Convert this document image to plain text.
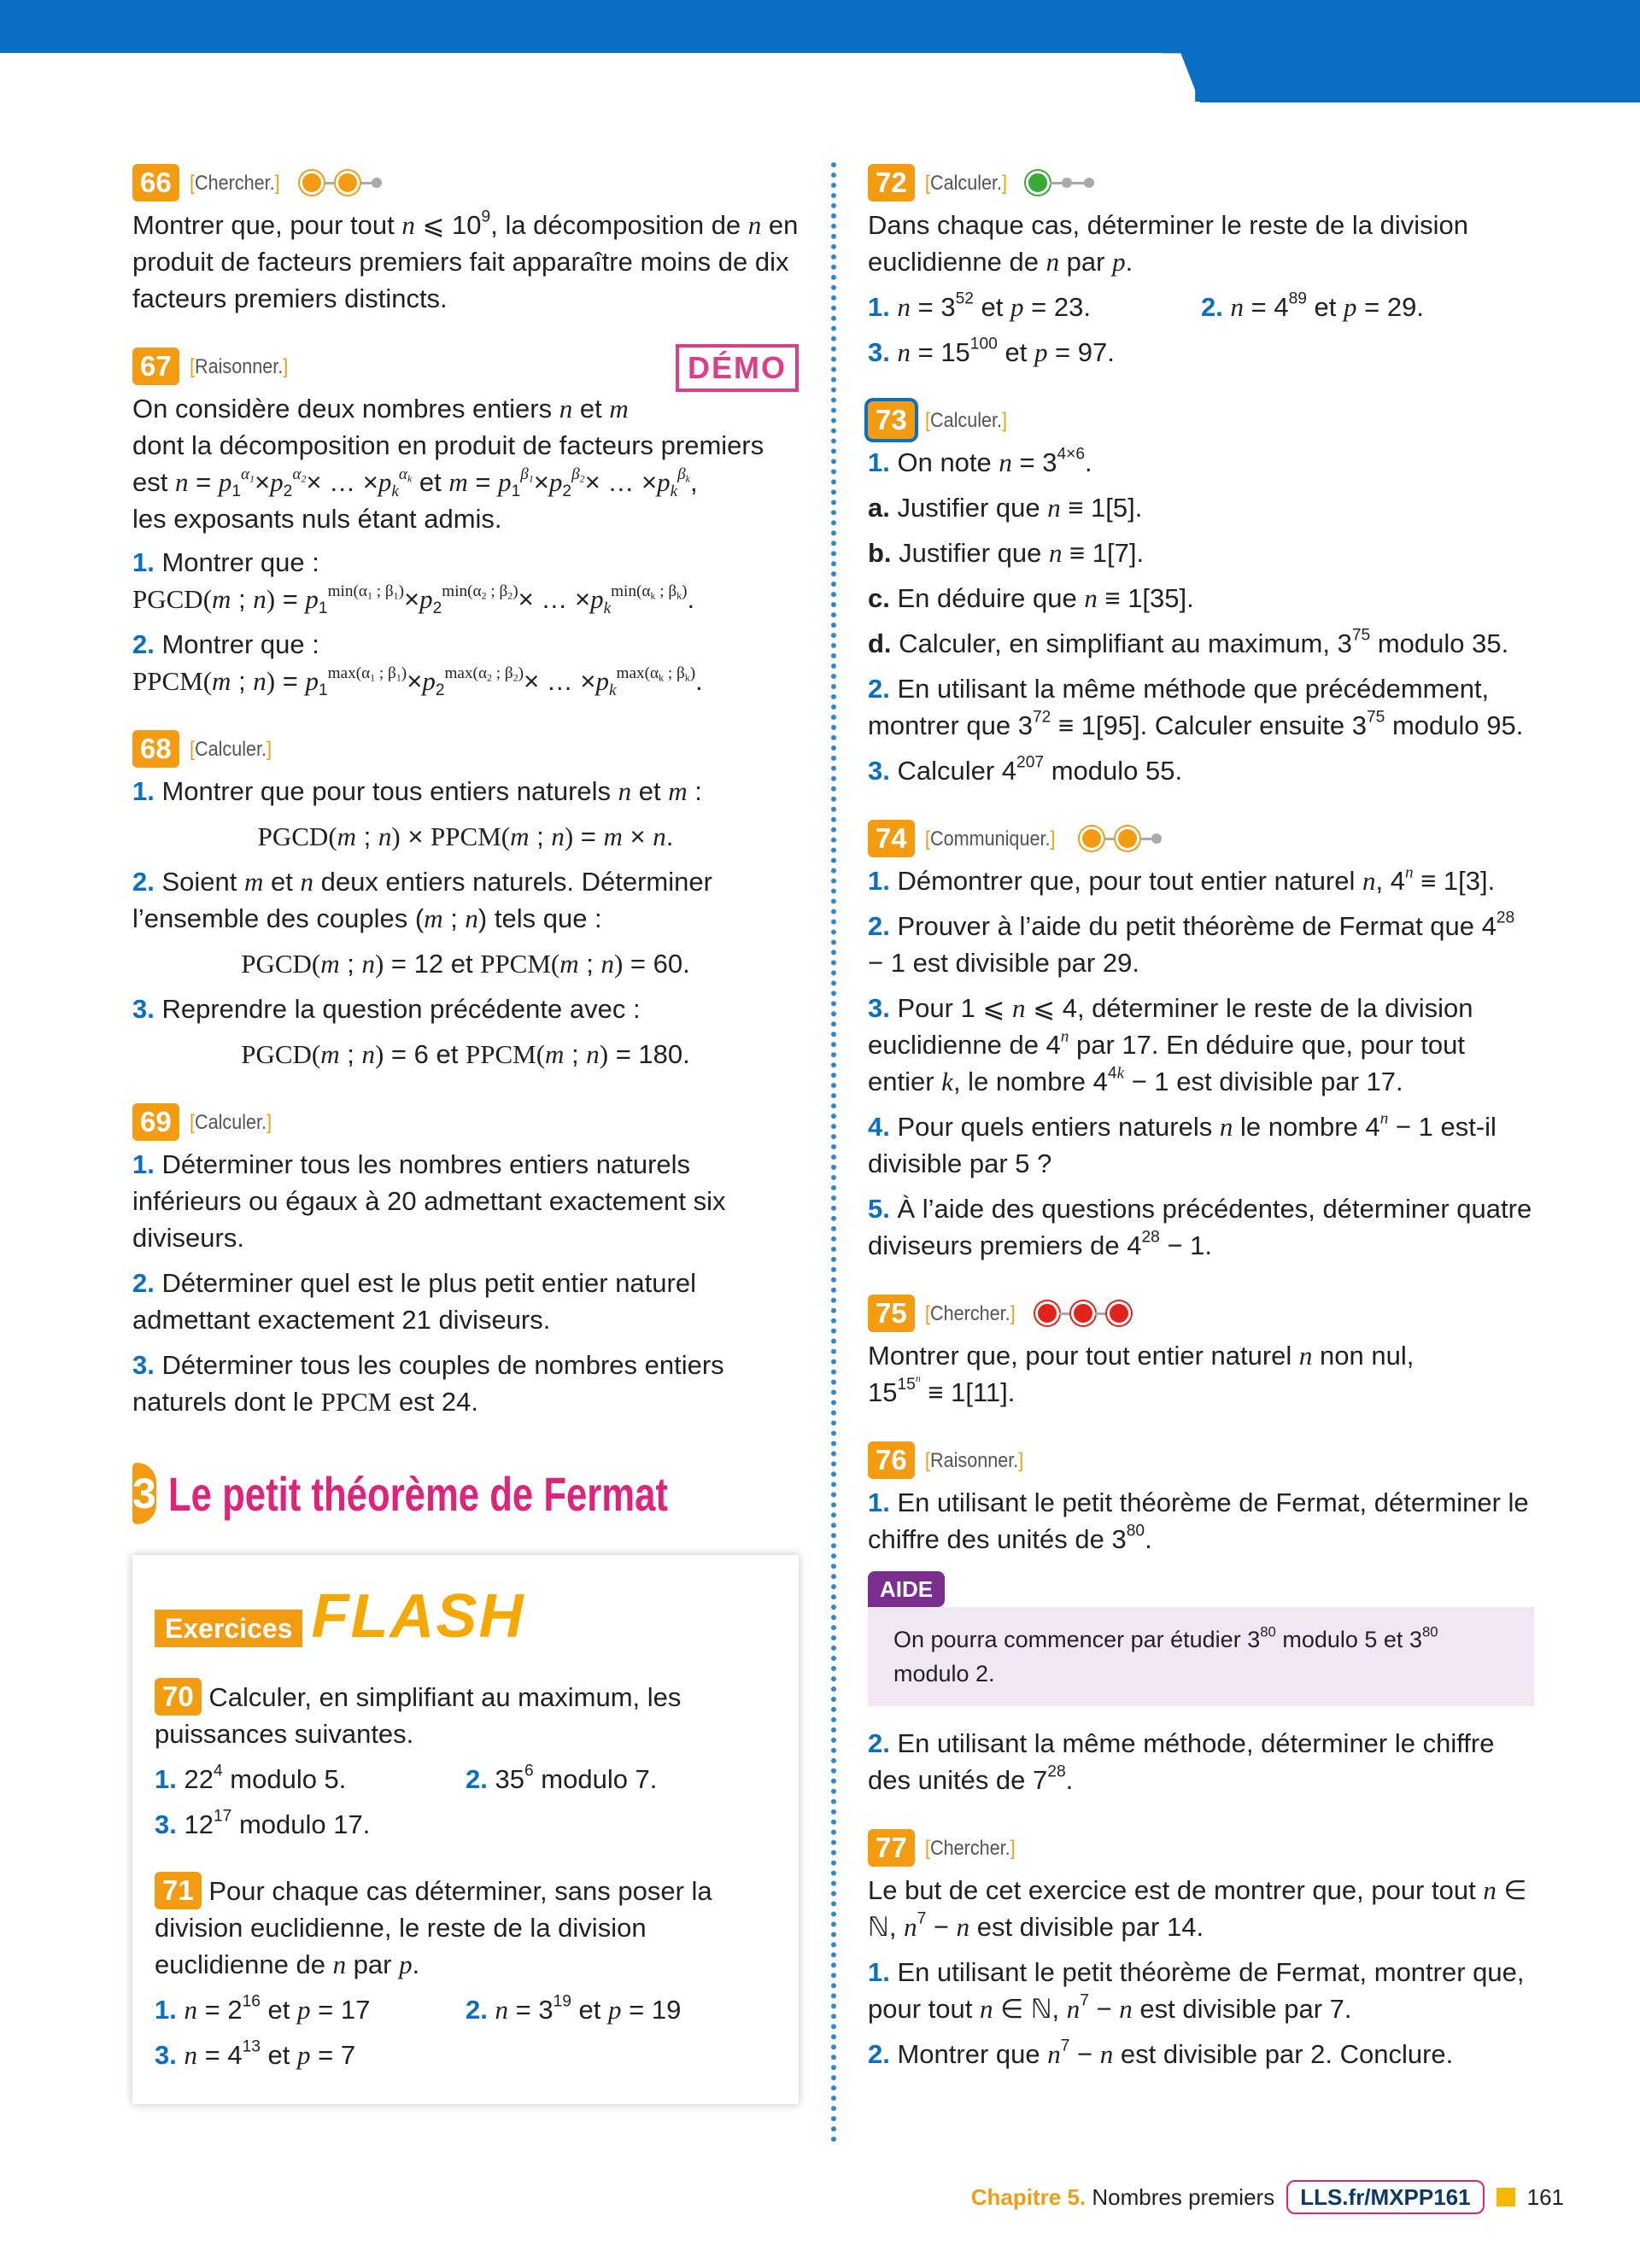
ENTRAÎNEMENT
66 [Chercher.]

Montrer que, pour tout n ⩽ $10^9$, la décomposition de n en produit de facteurs premiers fait apparaître moins de dix facteurs premiers distincts.

67 [Raisonner.]	DÉMO

On considère deux nombres entiers n et m
dont la décomposition en produit de facteurs premiers
est $n = p_1^{\alpha_1}\times p_2^{\alpha_2}\times$ … $\times p_k^{\alpha_k}$ et $m = p_1^{\beta_1}\times p_2^{\beta_2}\times$ … $\times p_k^{\beta_k}$,
les exposants nuls étant admis.

1. Montrer que :
PGCD(m ; $n) = p_1^{min(\alpha_1 ; \beta_1)}\times p_2^{min(\alpha_2 ; \beta_2)}\times$ … $\times p_k^{min(\alpha_k ; \beta_k)}$.

2. Montrer que :
PPCM(m ; $n) = p_1^{max(\alpha_1 ; \beta_1)}\times p_2^{max(\alpha_2 ; \beta_2)}\times$ … $\times p_k^{max(\alpha_k ; \beta_k)}$.

68 [Calculer.]

1. Montrer que pour tous entiers naturels n et m :

PGCD(m ; n) × PPCM(m ; n) = m × n.

2. Soient m et n deux entiers naturels. Déterminer l’ensemble des couples (m ; n) tels que :

PGCD(m ; n) = 12 et PPCM(m ; n) = 60.

3. Reprendre la question précédente avec :

PGCD(m ; n) = 6 et PPCM(m ; n) = 180.

69 [Calculer.]

1. Déterminer tous les nombres entiers naturels inférieurs ou égaux à 20 admettant exactement six diviseurs.

2. Déterminer quel est le plus petit entier naturel admettant exactement 21 diviseurs.

3. Déterminer tous les couples de nombres entiers naturels dont le PPCM est 24.

3 Le petit théorème de Fermat
Exercices FLASH

70 Calculer, en simplifiant au maximum, les puissances suivantes.

1. $22^4$ modulo 5.	2. $35^6$ modulo 7.

3. $12^{17}$ modulo 17.

71 Pour chaque cas déterminer, sans poser la division euclidienne, le reste de la division euclidienne de n par p.

1. $n = 2^{16}$ et p = 17	2. $n = 3^{19}$ et p = 19

3. $n = 4^{13}$ et p = 7

72 [Calculer.]

Dans chaque cas, déterminer le reste de la division euclidienne de n par p.

1. $n = 3^{52}$ et p = 23.	2. $n = 4^{89}$ et p = 29.

3. $n = 15^{100}$ et p = 97.

73 [Calculer.]

1. On note $n = 3^{4\times 6}$.

a. Justifier que n ≡ 1[5].

b. Justifier que n ≡ 1[7].

c. En déduire que n ≡ 1[35].

d. Calculer, en simplifiant au maximum, $3^{75}$ modulo 35.

2. En utilisant la même méthode que précédemment, montrer que $3^{72} \equiv 1[95]$. Calculer ensuite $3^{75}$ modulo 95.

3. Calculer $4^{207}$ modulo 55.

74 [Communiquer.]

1. Démontrer que, pour tout entier naturel n, $4^n \equiv 1[3]$.

2. Prouver à l’aide du petit théorème de Fermat que $4^{28} - 1$ est divisible par 29.

3. Pour 1 ⩽ n ⩽ 4, déterminer le reste de la division euclidienne de 4$^n$ par 17. En déduire que, pour tout entier k, le nombre $4^{4k} - 1$ est divisible par 17.

4. Pour quels entiers naturels n le nombre $4^n - 1$ est-il divisible par 5 ?

5. À l’aide des questions précédentes, déterminer quatre diviseurs premiers de $4^{28} - 1$.

75 [Chercher.]

Montrer que, pour tout entier naturel n non nul,
$15^{15^n} \equiv 1[11]$.

76 [Raisonner.]

1. En utilisant le petit théorème de Fermat, déterminer le chiffre des unités de $3^{80}$.

AIDE
On pourra commencer par étudier $3^{80}$ modulo 5 et $3^{80}$
modulo 2.

2. En utilisant la même méthode, déterminer le chiffre des unités de $7^{28}$.

77 [Chercher.]

Le but de cet exercice est de montrer que, pour tout n ∈ ℕ, $n^7 - n$ est divisible par 14.

1. En utilisant le petit théorème de Fermat, montrer que, pour tout n ∈ ℕ, $n^7 - n$ est divisible par 7.

2. Montrer que $n^7 - n$ est divisible par 2. Conclure.

Chapitre 5. Nombres premiers	LLS.fr/MXPP161	161
